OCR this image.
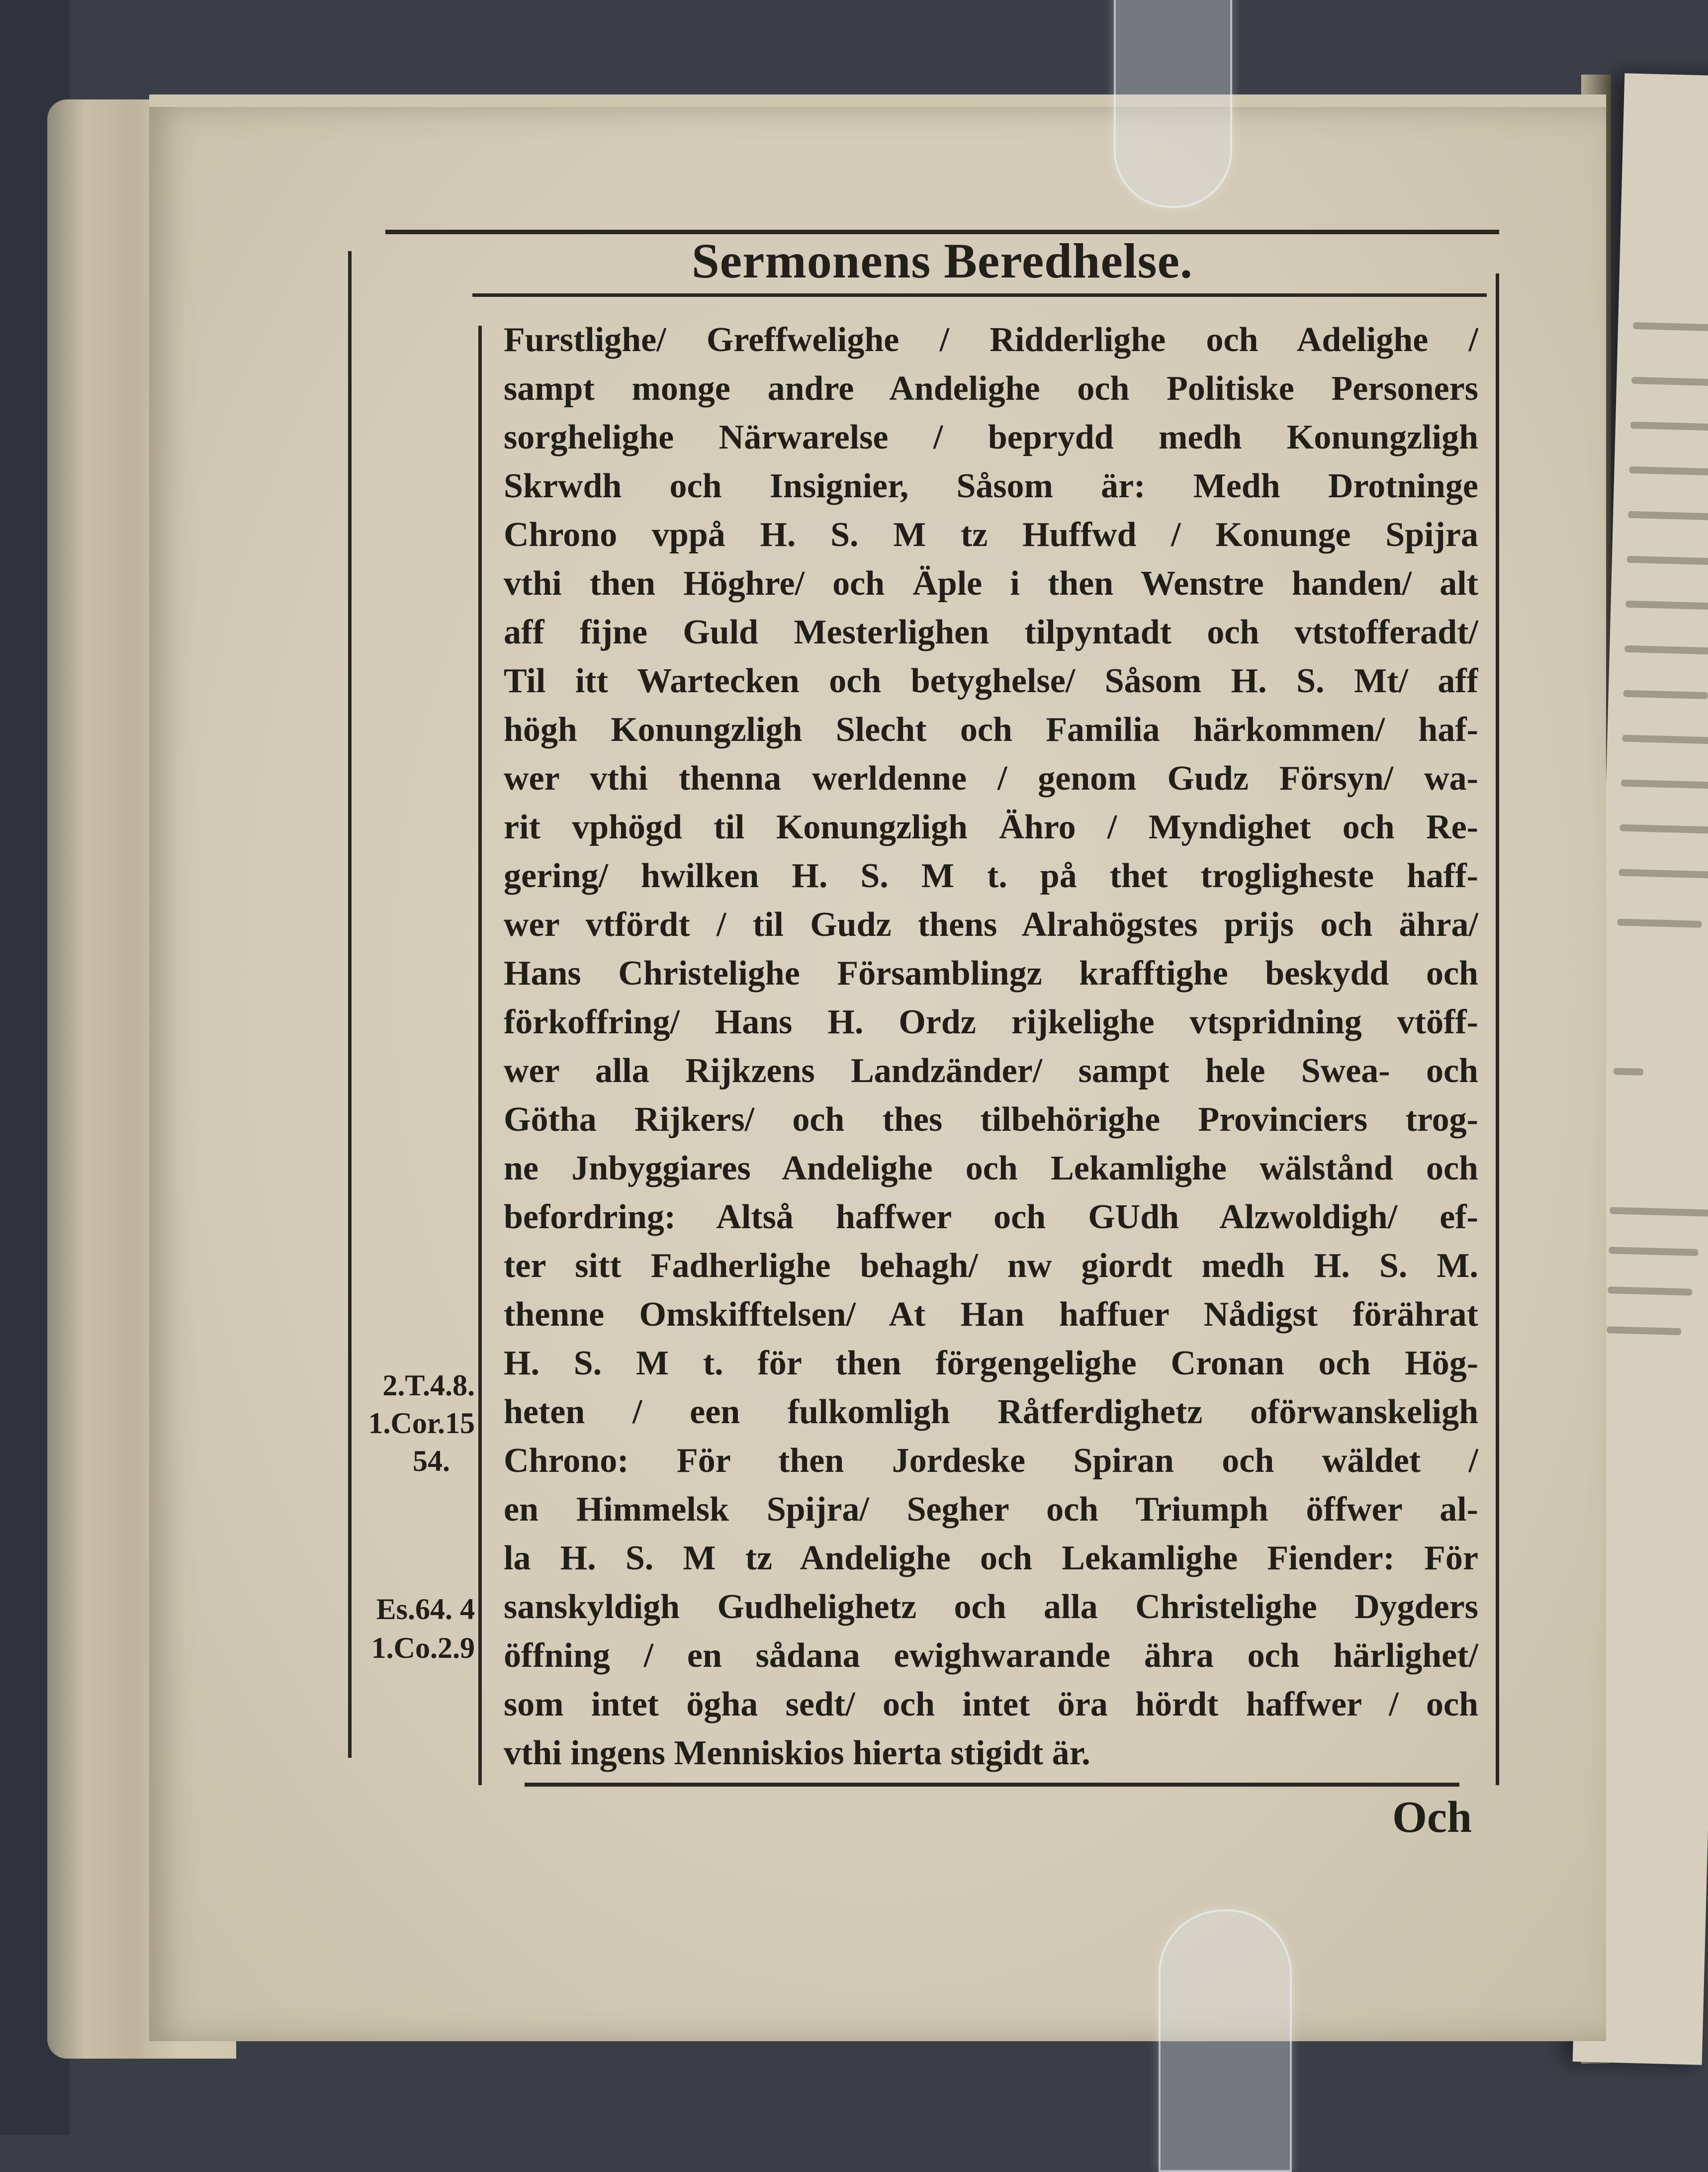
Sermonens Beredhelse.
Furstlighe/ Greffwelighe / Ridderlighe och Adelighe /
sampt monge andre Andelighe och Politiske Personers
sorghelighe Närwarelse / beprydd medh Konungzligh
Skrwdh och Insignier, Såsom är: Medh Drotninge
Chrono vppå H. S. M tz Huffwd / Konunge Spijra
vthi then Höghre/ och Äple i then Wenstre handen/ alt
aff fijne Guld Mesterlighen tilpyntadt och vtstofferadt/
Til itt Wartecken och betyghelse/ Såsom H. S. Mt/ aff
högh Konungzligh Slecht och Familia härkommen/ haf-
wer vthi thenna werldenne / genom Gudz Försyn/ wa-
rit vphögd til Konungzligh Ähro / Myndighet och Re-
gering/ hwilken H. S. M t. på thet trogligheste haff-
wer vtfördt / til Gudz thens Alrahögstes prijs och ähra/
Hans Christelighe Församblingz krafftighe beskydd och
förkoffring/ Hans H. Ordz rijkelighe vtspridning vtöff-
wer alla Rijkzens Landzänder/ sampt hele Swea- och
Götha Rijkers/ och thes tilbehörighe Provinciers trog-
ne Jnbyggiares Andelighe och Lekamlighe wälstånd och
befordring: Altså haffwer och GUdh Alzwoldigh/ ef-
ter sitt Fadherlighe behagh/ nw giordt medh H. S. M.
thenne Omskifftelsen/ At Han haffuer Nådigst förährat
H. S. M t. för then förgengelighe Cronan och Hög-
heten / een fulkomligh Råtferdighetz oförwanskeligh
Chrono: För then Jordeske Spiran och wäldet /
en Himmelsk Spijra/ Segher och Triumph öffwer al-
la H. S. M tz Andelighe och Lekamlighe Fiender: För
sanskyldigh Gudhelighetz och alla Christelighe Dygders
öffning / en sådana ewighwarande ähra och härlighet/
som intet ögha sedt/ och intet öra hördt haffwer / och
vthi ingens Menniskios hierta stigidt är.
2.T.4.8.
1.Cor.15
54.
Es.64. 4
1.Co.2.9
Och
